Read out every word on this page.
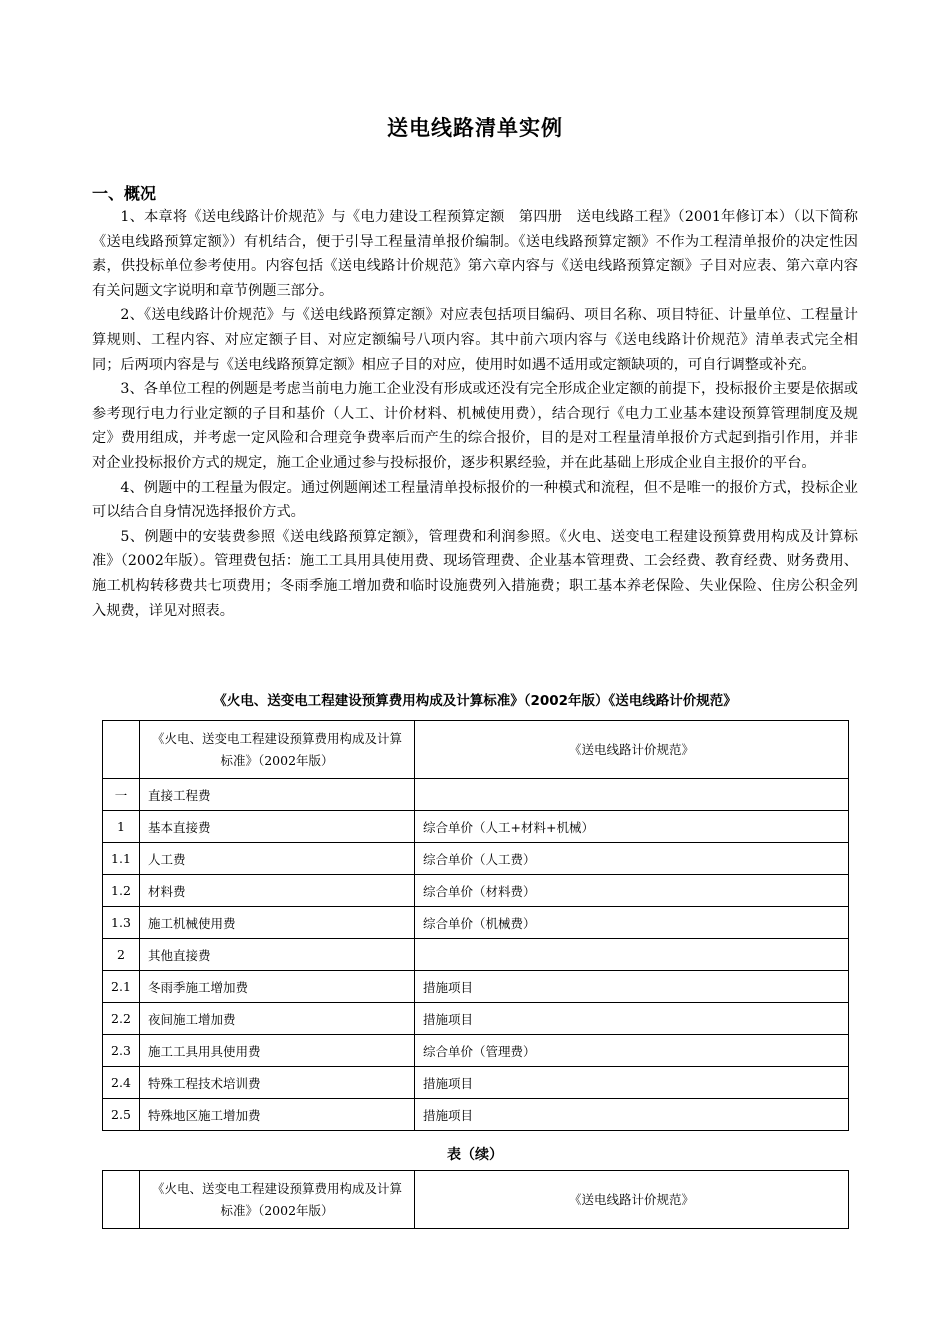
送电线路清单实例
一、概况

1、本章将《送电线路计价规范》与《电力建设工程预算定额　第四册　送电线路工程》（2001年修订本）（以下简称《送电线路预算定额》）有机结合，便于引导工程量清单报价编制。《送电线路预算定额》不作为工程清单报价的决定性因素，供投标单位参考使用。内容包括《送电线路计价规范》第六章内容与《送电线路预算定额》子目对应表、第六章内容有关问题文字说明和章节例题三部分。

2、《送电线路计价规范》与《送电线路预算定额》对应表包括项目编码、项目名称、项目特征、计量单位、工程量计算规则、工程内容、对应定额子目、对应定额编号八项内容。其中前六项内容与《送电线路计价规范》清单表式完全相同；后两项内容是与《送电线路预算定额》相应子目的对应，使用时如遇不适用或定额缺项的，可自行调整或补充。

3、各单位工程的例题是考虑当前电力施工企业没有形成或还没有完全形成企业定额的前提下，投标报价主要是依据或参考现行电力行业定额的子目和基价（人工、计价材料、机械使用费），结合现行《电力工业基本建设预算管理制度及规定》费用组成，并考虑一定风险和合理竞争费率后而产生的综合报价，目的是对工程量清单报价方式起到指引作用，并非对企业投标报价方式的规定，施工企业通过参与投标报价，逐步积累经验，并在此基础上形成企业自主报价的平台。

4、例题中的工程量为假定。通过例题阐述工程量清单投标报价的一种模式和流程，但不是唯一的报价方式，投标企业可以结合自身情况选择报价方式。

5、例题中的安装费参照《送电线路预算定额》，管理费和利润参照。《火电、送变电工程建设预算费用构成及计算标准》（2002年版）。管理费包括：施工工具用具使用费、现场管理费、企业基本管理费、工会经费、教育经费、财务费用、施工机构转移费共七项费用；冬雨季施工增加费和临时设施费列入措施费；职工基本养老保险、失业保险、住房公积金列入规费，详见对照表。

《火电、送变电工程建设预算费用构成及计算标准》（2002年版）《送电线路计价规范》
	《火电、送变电工程建设预算费用构成及计算标准》（2002年版）	《送电线路计价规范》
一	直接工程费	
1	基本直接费	综合单价（人工+材料+机械）
1.1	人工费	综合单价（人工费）
1.2	材料费	综合单价（材料费）
1.3	施工机械使用费	综合单价（机械费）
2	其他直接费	
2.1	冬雨季施工增加费	措施项目
2.2	夜间施工增加费	措施项目
2.3	施工工具用具使用费	综合单价（管理费）
2.4	特殊工程技术培训费	措施项目
2.5	特殊地区施工增加费	措施项目
表（续）
	《火电、送变电工程建设预算费用构成及计算标准》（2002年版）	《送电线路计价规范》
